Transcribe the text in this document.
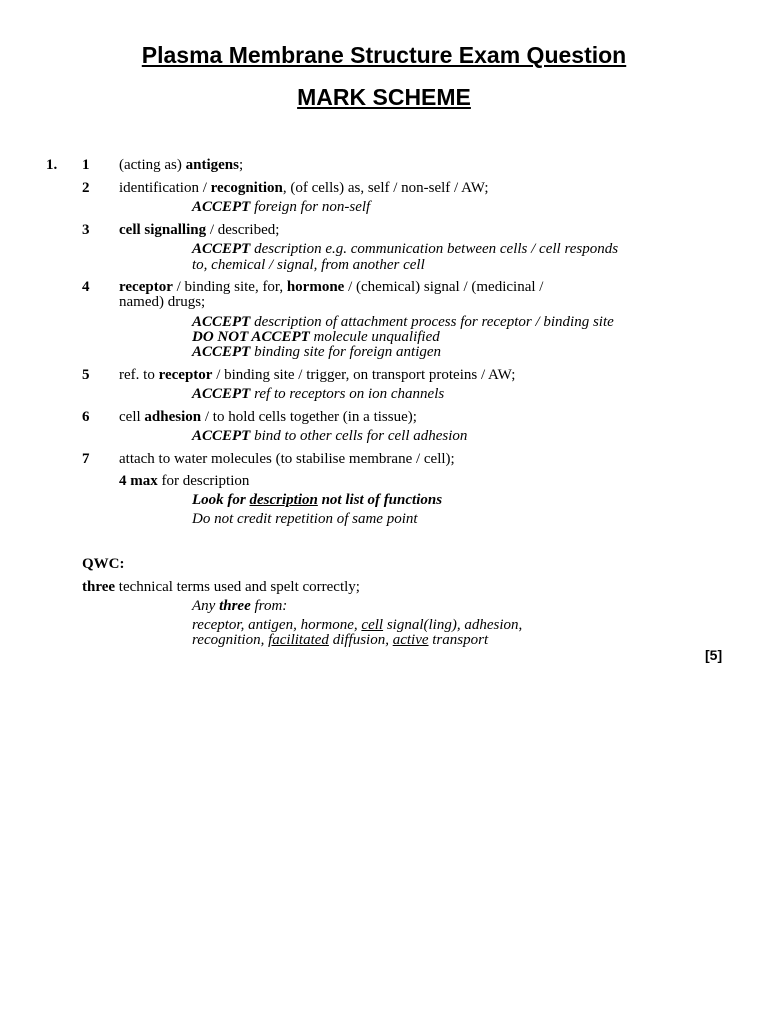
Plasma Membrane Structure Exam Question
MARK SCHEME
1. 1 (acting as) antigens;
2 identification / recognition, (of cells) as, self / non-self / AW;
ACCEPT foreign for non-self
3 cell signalling / described;
ACCEPT description e.g. communication between cells / cell responds
to, chemical / signal, from another cell
4 receptor / binding site, for, hormone / (chemical) signal / (medicinal /
named) drugs;
ACCEPT description of attachment process for receptor / binding site
DO NOT ACCEPT molecule unqualified
ACCEPT binding site for foreign antigen
5 ref. to receptor / binding site / trigger, on transport proteins / AW;
ACCEPT ref to receptors on ion channels
6 cell adhesion / to hold cells together (in a tissue);
ACCEPT bind to other cells for cell adhesion
7 attach to water molecules (to stabilise membrane / cell);
4 max for description
Look for description not list of functions
Do not credit repetition of same point
QWC:
three technical terms used and spelt correctly;
Any three from:
receptor, antigen, hormone, cell signal(ling), adhesion,
recognition, facilitated diffusion, active transport
[5]
